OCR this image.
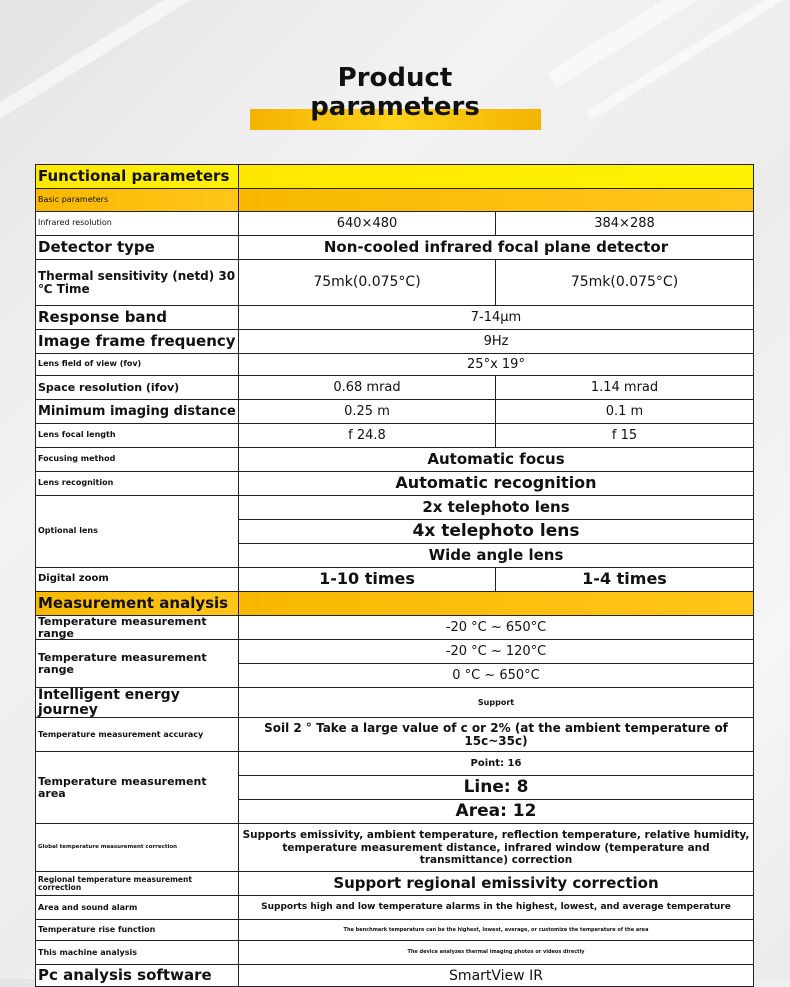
Product
parameters
Functional parameters		
Basic parameters		
Infrared resolution	640×480	384×288
Detector type	Non-cooled infrared focal plane detector	
Thermal sensitivity (netd) 30 ℃ Time	75mk(0.075°C)	75mk(0.075°C)
Response band	7-14μm	
Image frame frequency	9Hz	
Lens field of view (fov)	25°x 19°	
Space resolution (ifov)	0.68 mrad	1.14 mrad
Minimum imaging distance	0.25 m	0.1 m
Lens focal length	f 24.8	f 15
Focusing method	Automatic focus	
Lens recognition	Automatic recognition	
Optional lens	2x telephoto lens	
	4x telephoto lens	
	Wide angle lens	
Digital zoom	1-10 times	1-4 times
Measurement analysis		
Temperature measurement range	-20 °C ~ 650°C	
Temperature measurement range	-20 °C ~ 120°C	
	0 °C ~ 650°C	
Intelligent energy journey	Support	
Temperature measurement accuracy	Soil 2 ° Take a large value of c or 2% (at the ambient temperature of 15c~35c)	
Temperature measurement area	Point: 16	
	Line: 8	
	Area: 12	
Global temperature measurement correction	Supports emissivity, ambient temperature, reflection temperature, relative humidity, temperature measurement distance, infrared window (temperature and transmittance) correction	
Regional temperature measurement correction	Support regional emissivity correction	
Area and sound alarm	Supports high and low temperature alarms in the highest, lowest, and average temperature	
Temperature rise function	The benchmark temperature can be the highest, lowest, average, or customize the temperature of the area	
This machine analysis	The device analyzes thermal imaging photos or videos directly	
Pc analysis software	SmartView IR	
